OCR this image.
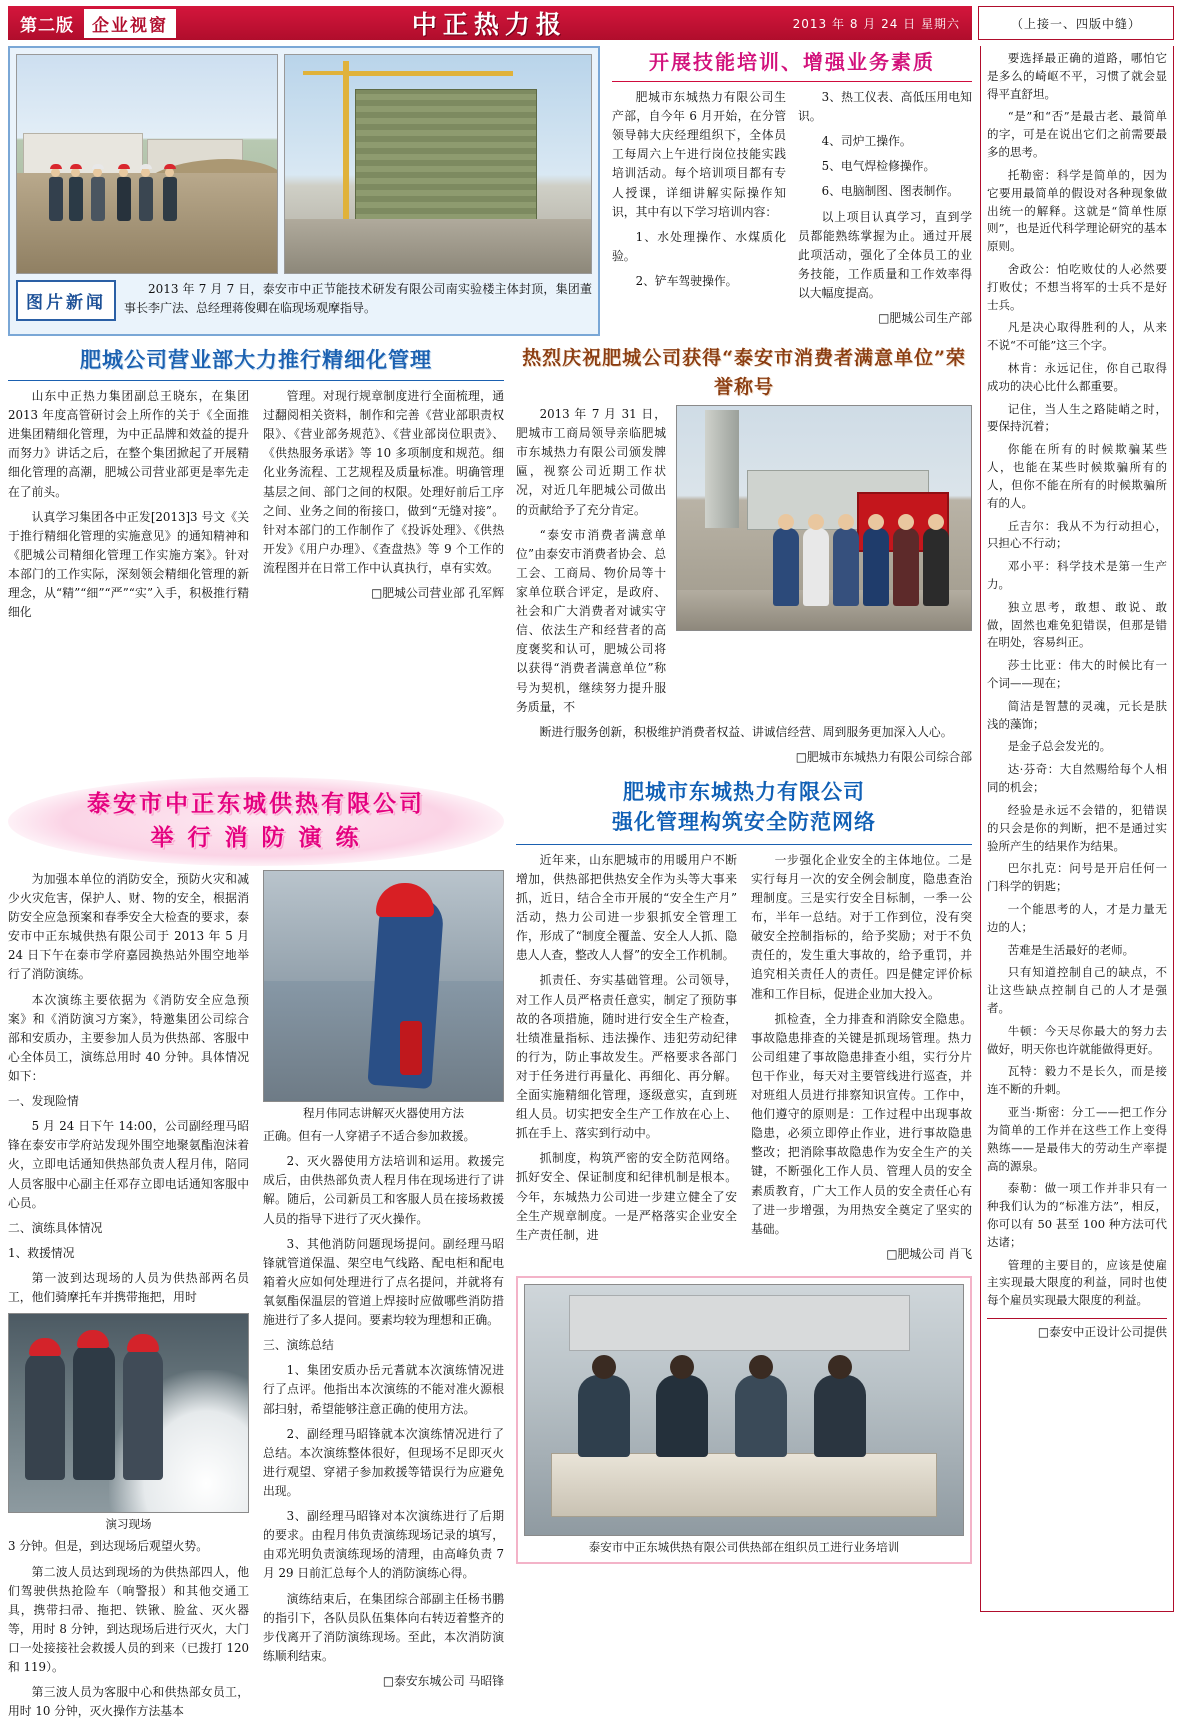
第二版	企业视窗	中正热力报	2013 年 8 月 24 日 星期六	（上接一、四版中缝）
图片新闻
2013 年 7 月 7 日，泰安市中正节能技术研发有限公司南实验楼主体封顶，集团董事长李广法、总经理蒋俊卿在临现场观摩指导。
开展技能培训、增强业务素质

肥城市东城热力有限公司生产部，自今年 6 月开始，在分管领导韩大庆经理组织下，全体员工每周六上午进行岗位技能实践培训活动。每个培训项目都有专人授课，详细讲解实际操作知识，其中有以下学习培训内容：

1、水处理操作、水煤质化验。

2、铲车驾驶操作。

3、热工仪表、高低压用电知识。

4、司炉工操作。

5、电气焊检修操作。

6、电脑制图、图表制作。

以上项目认真学习，直到学员都能熟练掌握为止。通过开展此项活动，强化了全体员工的业务技能，工作质量和工作效率得以大幅度提高。

□肥城公司生产部

肥城公司营业部大力推行精细化管理

山东中正热力集团副总王晓东，在集团 2013 年度高管研讨会上所作的关于《全面推进集团精细化管理，为中正品牌和效益的提升而努力》讲话之后，在整个集团掀起了开展精细化管理的高潮，肥城公司营业部更是率先走在了前头。

认真学习集团各中正发[2013]3 号文《关于推行精细化管理的实施意见》的通知精神和《肥城公司精细化管理工作实施方案》。针对本部门的工作实际，深刻领会精细化管理的新理念，从“精”“细”“严”“实”入手，积极推行精细化

管理。对现行规章制度进行全面梳理，通过翻阅相关资料，制作和完善《营业部职责权限》、《营业部务规范》、《营业部岗位职责》、《供热服务承诺》等 10 多项制度和规范。细化业务流程、工艺规程及质量标准。明确管理基层之间、部门之间的权限。处理好前后工序之间、业务之间的衔接口，做到“无缝对接”。针对本部门的工作制作了《投诉处理》、《供热开发》《用户办理》、《查盘热》等 9 个工作的流程图并在日常工作中认真执行，卓有实效。

□肥城公司营业部 孔军辉

热烈庆祝肥城公司获得“泰安市消费者满意单位”荣誉称号

2013 年 7 月 31 日，肥城市工商局领导亲临肥城市东城热力有限公司颁发牌匾，视察公司近期工作状况，对近几年肥城公司做出的贡献给予了充分肯定。

“泰安市消费者满意单位”由泰安市消费者协会、总工会、工商局、物价局等十家单位联合评定，是政府、社会和广大消费者对诚实守信、依法生产和经营者的高度褒奖和认可，肥城公司将以获得“消费者满意单位”称号为契机，继续努力提升服务质量，不

断进行服务创新，积极维护消费者权益、讲诚信经营、周到服务更加深入人心。

□肥城市东城热力有限公司综合部

泰安市中正东城供热有限公司
举 行 消 防 演 练

为加强本单位的消防安全，预防火灾和减少火灾危害，保护人、财、物的安全，根据消防安全应急预案和春季安全大检查的要求，泰安市中正东城供热有限公司于 2013 年 5 月 24 日下午在泰市学府嘉园换热站外围空地举行了消防演练。

本次演练主要依据为《消防安全应急预案》和《消防演习方案》，特邀集团公司综合部和安质办，主要参加人员为供热部、客服中心全体员工，演练总用时 40 分钟。具体情况如下：

一、发现险情

5 月 24 日下午 14:00，公司副经理马昭锋在泰安市学府站发现外围空地聚氨酯泡沫着火，立即电话通知供热部负责人程月伟，陪同人员客服中心副主任邓存立即电话通知客服中心员。

二、演练具体情况

1、救援情况

第一波到达现场的人员为供热部两名员工，他们骑摩托车并携带拖把，用时

演习现场

3 分钟。但是，到达现场后观望火势。

第二波人员达到现场的为供热部四人，他们驾驶供热抢险车（响警报）和其他交通工具，携带扫帚、拖把、铁锹、脸盆、灭火器等，用时 8 分钟，到达现场后进行灭火，大门口一处接接社会救援人员的到来（已拨打 120 和 119）。

第三波人员为客服中心和供热部女员工，用时 10 分钟，灭火操作方法基本

程月伟同志讲解灭火器使用方法

正确。但有一人穿裙子不适合参加救援。

2、灭火器使用方法培训和运用。救援完成后，由供热部负责人程月伟在现场进行了讲解。随后，公司新员工和客服人员在接场救援人员的指导下进行了灭火操作。

3、其他消防问题现场提问。副经理马昭锋就管道保温、架空电气线路、配电柜和配电箱着火应如何处理进行了点名提问，并就将有氧氨酯保温层的管道上焊接时应做哪些消防措施进行了多人提问。要素均较为理想和正确。

三、演练总结

1、集团安质办岳元耆就本次演练情况进行了点评。他指出本次演练的不能对准火源根部扫射，希望能够注意正确的使用方法。

2、副经理马昭锋就本次演练情况进行了总结。本次演练整体很好，但现场不足即灭火进行观望、穿裙子参加救援等错误行为应避免出现。

3、副经理马昭锋对本次演练进行了后期的要求。由程月伟负责演练现场记录的填写，由邓光明负责演练现场的清理，由高峰负责 7 月 29 日前汇总每个人的消防演练心得。

演练结束后，在集团综合部副主任杨书鹏的指引下，各队员队伍集体向右转迈着整齐的步伐离开了消防演练现场。至此，本次消防演练顺利结束。

□泰安东城公司 马昭锋

肥城市东城热力有限公司
强化管理构筑安全防范网络

近年来，山东肥城市的用暖用户不断增加，供热部把供热安全作为头等大事来抓，近日，结合全市开展的“安全生产月”活动，热力公司进一步狠抓安全管理工作，形成了“制度全覆盖、安全人人抓、隐患人人查，整改人人督”的安全工作机制。

抓责任、夯实基础管理。公司领导，对工作人员严格责任意实，制定了预防事故的各项措施，随时进行安全生产检查，壮绩准量指标、违法操作、违犯劳动纪律的行为，防止事故发生。严格要求各部门对于任务进行再量化、再细化、再分解。全面实施精细化管理，逐级意实，直到班组人员。切实把安全生产工作放在心上、抓在手上、落实到行动中。

抓制度，构筑严密的安全防范网络。抓好安全、保证制度和纪律机制是根本。今年，东城热力公司进一步建立健全了安全生产规章制度。一是严格落实企业安全生产责任制，进

一步强化企业安全的主体地位。二是实行每月一次的安全例会制度，隐患查治理制度。三是实行安全目标制，一季一公布，半年一总结。对于工作到位，没有突破安全控制指标的，给予奖励；对于不负责任的，发生重大事故的，给予重罚，并追究相关责任人的责任。四是健定评价标准和工作目标，促进企业加大投入。

抓检查，全力排查和消除安全隐患。事故隐患排查的关键是抓现场管理。热力公司组建了事故隐患排查小组，实行分片包干作业，每天对主要管线进行巡查，并对班组人员进行排察知识宣传。工作中，他们遵守的原则是：工作过程中出现事故隐患，必须立即停止作业，进行事故隐患整改；把消除事故隐患作为安全生产的关键，不断强化工作人员、管理人员的安全素质教育，广大工作人员的安全责任心有了进一步增强，为用热安全奠定了坚实的基础。

□肥城公司 肖飞

泰安市中正东城供热有限公司供热部在组织员工进行业务培训

要选择最正确的道路，哪怕它是多么的崎岖不平，习惯了就会显得平直舒坦。

“是”和“否”是最古老、最简单的字，可是在说出它们之前需要最多的思考。

托勒密：科学是简单的，因为它要用最简单的假设对各种现象做出统一的解释。这就是“简单性原则”，也是近代科学理论研究的基本原则。

舍政公：怕吃败仗的人必然要打败仗；不想当将军的士兵不是好士兵。

凡是决心取得胜利的人，从来不说“不可能”这三个字。

林肯：永远记住，你自己取得成功的决心比什么都重要。

记住，当人生之路陡峭之时，要保持沉着；

你能在所有的时候欺骗某些人，也能在某些时候欺骗所有的人，但你不能在所有的时候欺骗所有的人。

丘吉尔：我从不为行动担心，只担心不行动；

邓小平：科学技术是第一生产力。

独立思考，敢想、敢说、敢做，固然也难免犯错误，但那是错在明处，容易纠正。

莎士比亚：伟大的时候比有一个词——现在；

简洁是智慧的灵魂，元长是肤浅的藻饰；

是金子总会发光的。

达·芬奇：大自然赐给每个人相同的机会；

经验是永远不会错的，犯错误的只会是你的判断，把不是通过实验所产生的结果作为结果。

巴尔扎克：问号是开启任何一门科学的钥匙；

一个能思考的人，才是力量无边的人；

苦难是生活最好的老师。

只有知道控制自己的缺点，不让这些缺点控制自己的人才是强者。

牛顿：今天尽你最大的努力去做好，明天你也许就能做得更好。

瓦特：毅力不是长久，而是接连不断的升刺。

亚当·斯密：分工——把工作分为简单的工作并在这些工作上变得熟练——是最伟大的劳动生产率提高的源泉。

泰勒：做一项工作并非只有一种我们认为的“标准方法”，相反，你可以有 50 甚至 100 种方法可代达诸；

管理的主要目的，应该是使雇主实现最大限度的利益，同时也使每个雇员实现最大限度的利益。

□泰安中正设计公司提供
